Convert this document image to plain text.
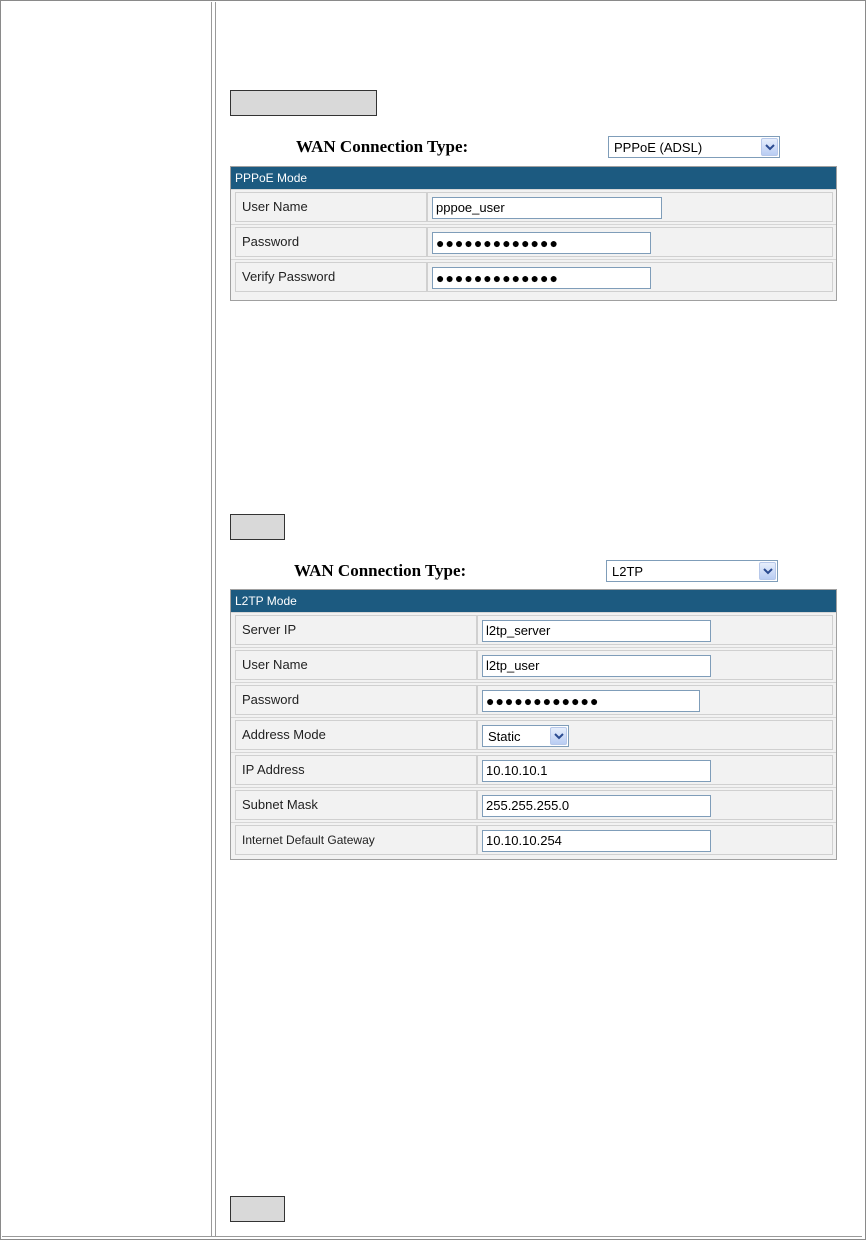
WAN Connection Type:	PPPoE (ADSL)
PPPoE Mode
User Name	pppoe_user
Password	●●●●●●●●●●●●●
Verify Password	●●●●●●●●●●●●●
WAN Connection Type:	L2TP
L2TP Mode
Server IP	l2tp_server
User Name	l2tp_user
Password	●●●●●●●●●●●●
Address Mode	Static
IP Address	10.10.10.1
Subnet Mask	255.255.255.0
Internet Default Gateway	10.10.10.254
